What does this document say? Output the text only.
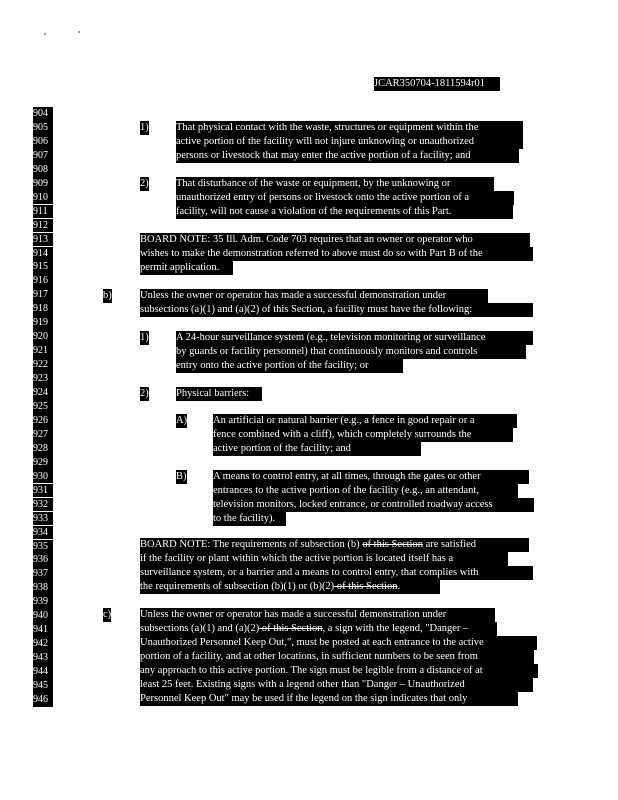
JCAR350704-1811594r01
904
905
906
907
908
909
910
911
912
913
914
915
916
917
918
919
920
921
922
923
924
925
926
927
928
929
930
931
932
933
934
935
936
937
938
939
940
941
942
943
944
945
946
1)	That physical contact with the waste, structures or equipment within the
active portion of the facility will not injure unknowing or unauthorized
persons or livestock that may enter the active portion of a facility; and
2)	That disturbance of the waste or equipment, by the unknowing or
unauthorized entry of persons or livestock onto the active portion of a
facility, will not cause a violation of the requirements of this Part.
BOARD NOTE: 35 Ill. Adm. Code 703 requires that an owner or operator who
wishes to make the demonstration referred to above must do so with Part B of the
permit application.
b)	Unless the owner or operator has made a successful demonstration under
subsections (a)(1) and (a)(2) of this Section, a facility must have the following:
1)	A 24-hour surveillance system (e.g., television monitoring or surveillance
by guards or facility personnel) that continuously monitors and controls
entry onto the active portion of the facility; or
2)	Physical barriers:
A) An artificial or natural barrier (e.g., a fence in good repair or a
fence combined with a cliff), which completely surrounds the
active portion of the facility; and
B)	A means to control entry, at all times, through the gates or other
entrances to the active portion of the facility (e.g., an attendant,
television monitors, locked entrance, or controlled roadway access
to the facility).
BOARD NOTE: The requirements of subsection (b) of this Section are satisfied
if the facility or plant within which the active portion is located itself has a
surveillance system, or a barrier and a means to control entry, that complies with
the requirements of subsection (b)(1) or (b)(2) of this Section.
c)	Unless the owner or operator has made a successful demonstration under
subsections (a)(1) and (a)(2) of this Section, a sign with the legend, "Danger –
Unauthorized Personnel Keep Out,", must be posted at each entrance to the active
portion of a facility, and at other locations, in sufficient numbers to be seen from
any approach to this active portion. The sign must be legible from a distance of at
least 25 feet. Existing signs with a legend other than "Danger – Unauthorized
Personnel Keep Out" may be used if the legend on the sign indicates that only
